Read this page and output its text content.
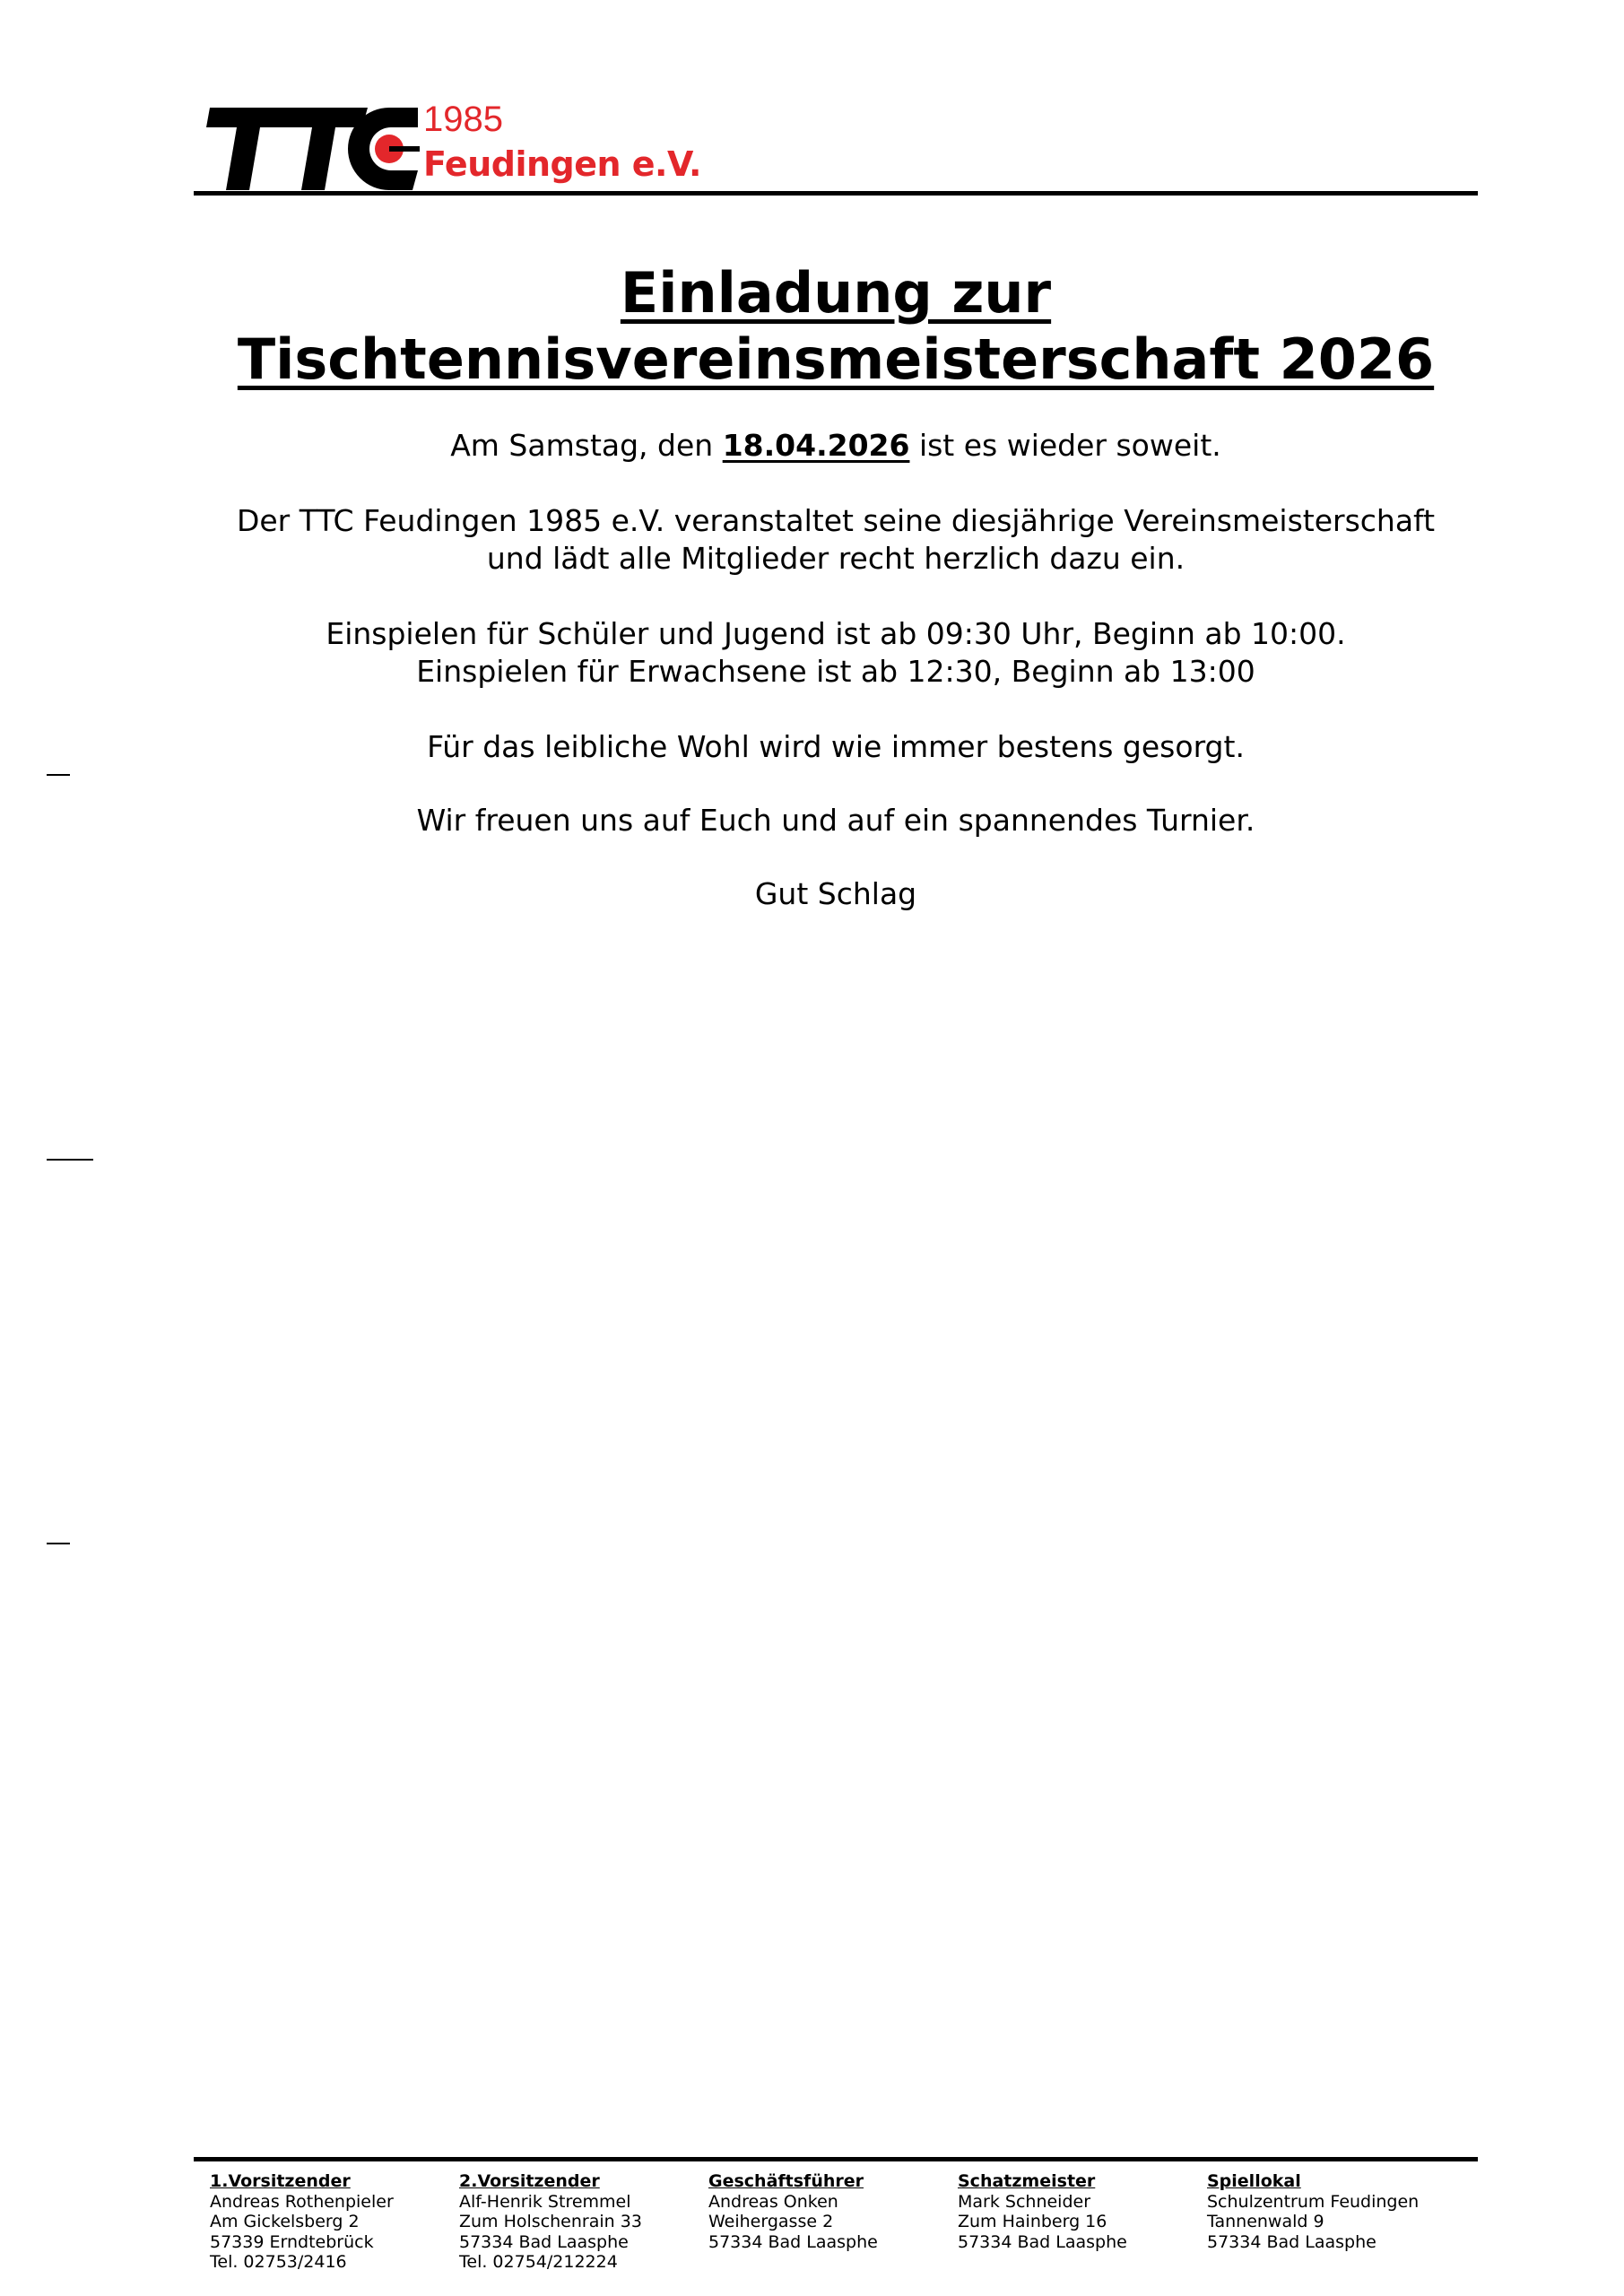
1985
Feudingen e.V.
Einladung zur
Tischtennisvereinsmeisterschaft 2026

Am Samstag, den 18.04.2026 ist es wieder soweit.

Der TTC Feudingen 1985 e.V. veranstaltet seine diesjährige Vereinsmeisterschaft
und lädt alle Mitglieder recht herzlich dazu ein.

Einspielen für Schüler und Jugend ist ab 09:30 Uhr, Beginn ab 10:00.
Einspielen für Erwachsene ist ab 12:30, Beginn ab 13:00

Für das leibliche Wohl wird wie immer bestens gesorgt.

Wir freuen uns auf Euch und auf ein spannendes Turnier.

Gut Schlag

1.Vorsitzender
Andreas Rothenpieler
Am Gickelsberg 2
57339 Erndtebrück
Tel. 02753/2416
2.Vorsitzender
Alf-Henrik Stremmel
Zum Holschenrain 33
57334 Bad Laasphe
Tel. 02754/212224
Geschäftsführer
Andreas Onken
Weihergasse 2
57334 Bad Laasphe
Schatzmeister
Mark Schneider
Zum Hainberg 16
57334 Bad Laasphe
Spiellokal
Schulzentrum Feudingen
Tannenwald 9
57334 Bad Laasphe
